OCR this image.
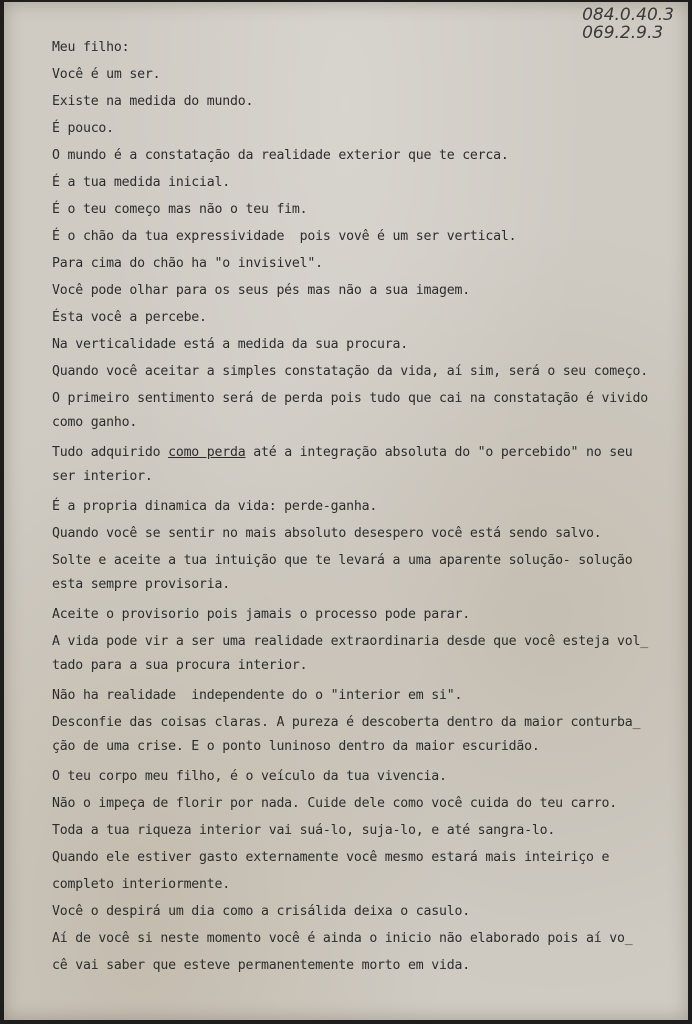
084.0.40.3
069.2.9.3
Meu filho:
Você é um ser.
Existe na medida do mundo.
É pouco.
O mundo é a constatação da realidade exterior que te cerca.
É a tua medida inicial.
É o teu começo mas não o teu fim.
É o chão da tua expressividade  pois vovê é um ser vertical.
Para cima do chão ha "o invisivel".
Você pode olhar para os seus pés mas não a sua imagem.
Ésta você a percebe.
Na verticalidade está a medida da sua procura.
Quando você aceitar a simples constatação da vida, aí sim, será o seu começo.
O primeiro sentimento será de perda pois tudo que cai na constatação é vivido
como ganho.
Tudo adquirido como perda até a integração absoluta do "o percebido" no seu
ser interior.
É a propria dinamica da vida: perde-ganha.
Quando você se sentir no mais absoluto desespero você está sendo salvo.
Solte e aceite a tua intuição que te levará a uma aparente solução- solução
esta sempre provisoria.
Aceite o provisorio pois jamais o processo pode parar.
A vida pode vir a ser uma realidade extraordinaria desde que você esteja vol_
tado para a sua procura interior.
Não ha realidade  independente do o "interior em si".
Desconfie das coisas claras. A pureza é descoberta dentro da maior conturba_
ção de uma crise. E o ponto luninoso dentro da maior escuridão.
O teu corpo meu filho, é o veículo da tua vivencia.
Não o impeça de florir por nada. Cuide dele como você cuida do teu carro.
Toda a tua riqueza interior vai suá-lo, suja-lo, e até sangra-lo.
Quando ele estiver gasto externamente você mesmo estará mais inteiriço e
completo interiormente.
Você o despirá um dia como a crisálida deixa o casulo.
Aí de você si neste momento você é ainda o inicio não elaborado pois aí vo_
cê vai saber que esteve permanentemente morto em vida.
